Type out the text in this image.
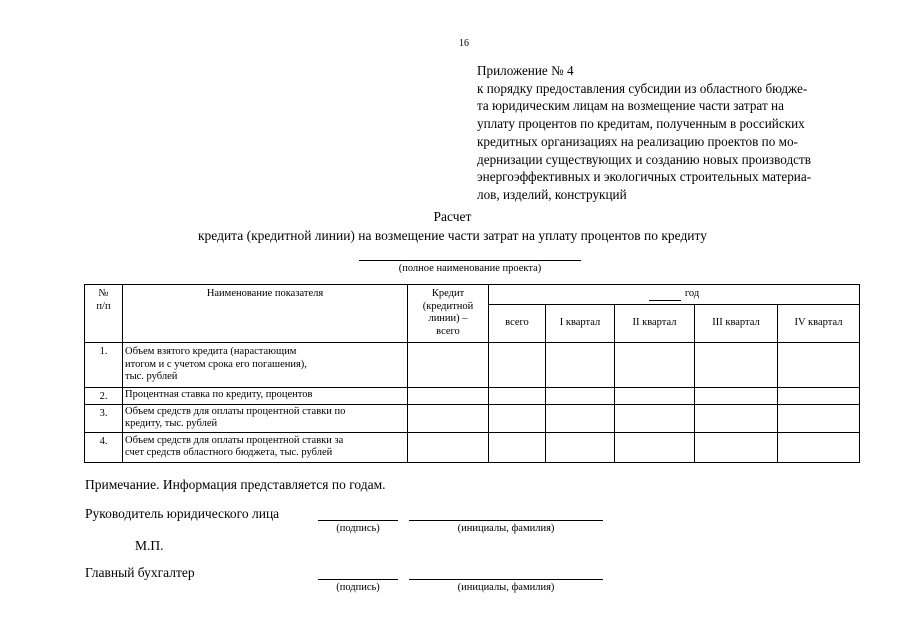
16

Приложение № 4

к порядку предоставления субсидии из областного бюдже-

та юридическим лицам на возмещение части затрат на

уплату процентов по кредитам, полученным в российских

кредитных организациях на реализацию проектов по мо-

дернизации существующих и созданию новых производств

энергоэффективных и экологичных строительных материа-

лов, изделий, конструкций

Расчет
кредита (кредитной линии) на возмещение части затрат на уплату процентов по кредиту
(полное наименование проекта)
№
п/п	Наименование показателя	Кредит
(кредитной
линии) –
всего	год				
			всего	I квартал	II квартал	III квартал	IV квартал
1.	Объем взятого кредита (нарастающим
итогом и с учетом срока его погашения),
тыс. рублей						
2.	Процентная ставка по кредиту, процентов						
3.	Объем средств для оплаты процентной ставки по
кредиту, тыс. рублей						
4.	Объем средств для оплаты процентной ставки за
счет средств областного бюджета, тыс. рублей						
Примечание. Информация представляется по годам.
Руководитель юридического лица
(подпись)	(инициалы, фамилия)
М.П.
Главный бухгалтер
(подпись)	(инициалы, фамилия)
